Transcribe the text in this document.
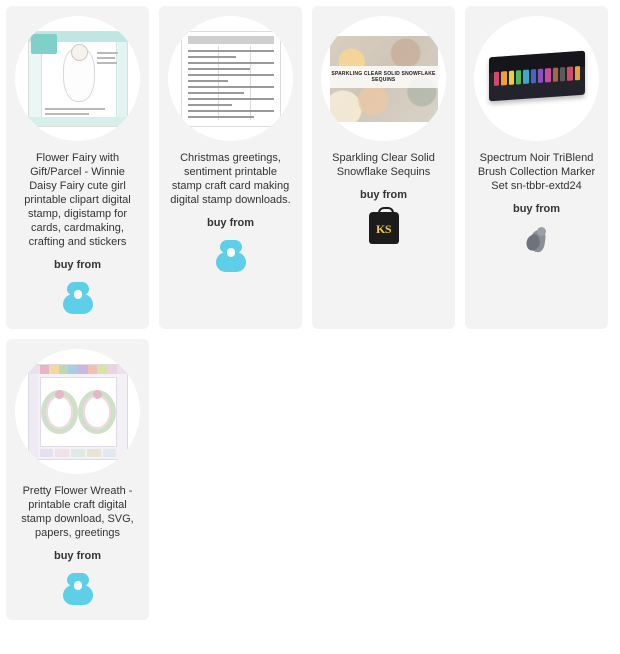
Flower Fairy with Gift/Parcel - Winnie Daisy Fairy cute girl printable clipart digital stamp, digistamp for cards, cardmaking, crafting and stickers

buy from

Christmas greetings, sentiment printable stamp craft card making digital stamp downloads.

buy from
SPARKLING CLEAR SOLID SNOWFLAKE SEQUINS

Sparkling Clear Solid Snowflake Sequins

buy from
KS

Spectrum Noir TriBlend Brush Collection Marker Set sn-tbbr-extd24

buy from

Pretty Flower Wreath - printable craft digital stamp download, SVG, papers, greetings

buy from
